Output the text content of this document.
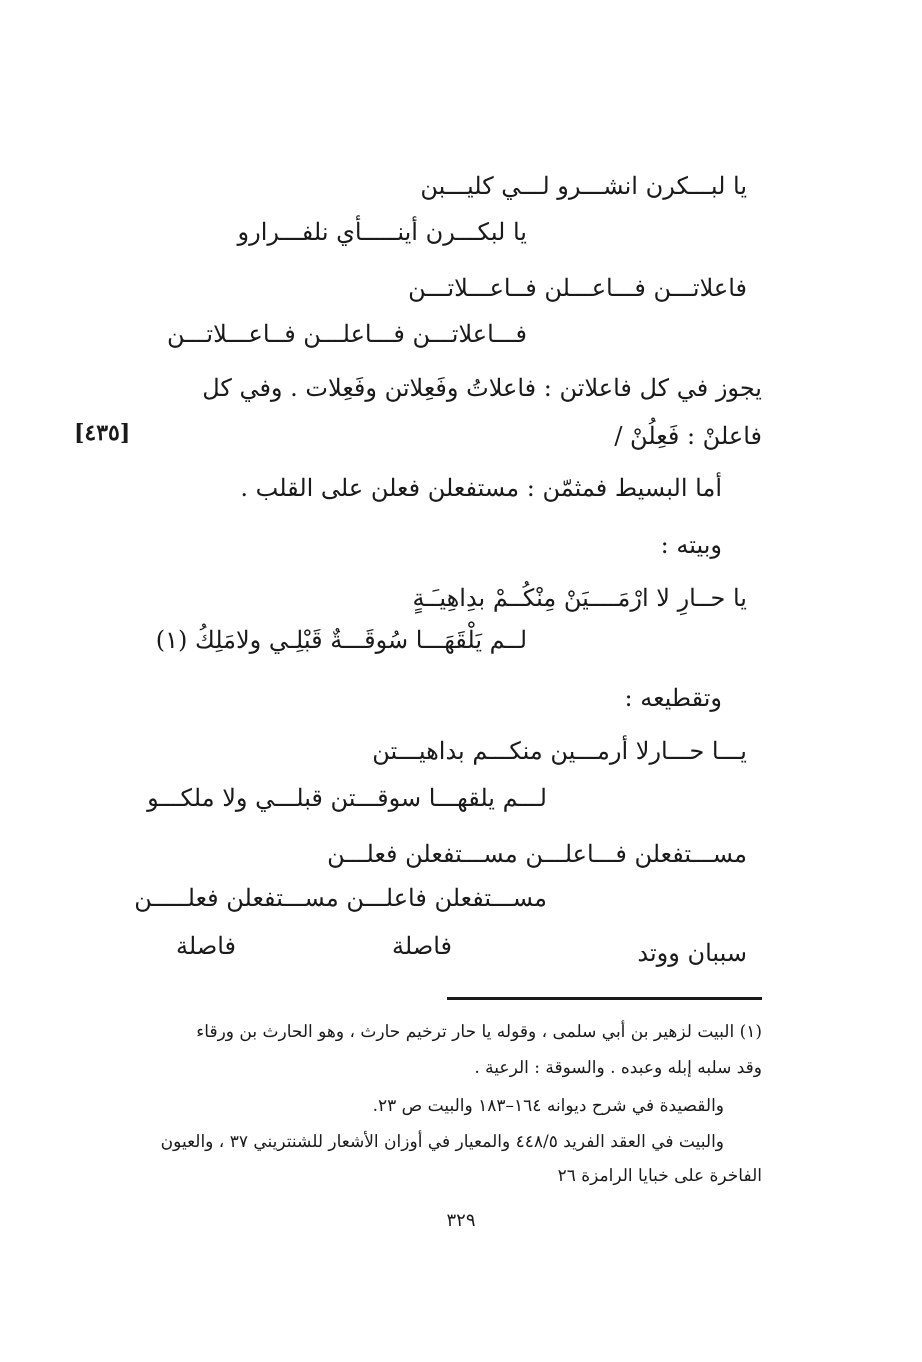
يا لبـــكرن انشـــرو لـــي كليـــبن
يا لبكـــرن أينـــــأي نلفـــرارو
فاعلاتـــن فـــاعـــلن فــاعـــلاتـــن
فـــاعلاتـــن فـــاعلـــن فــاعـــلاتـــن
يجوز في كل فاعلاتن : فاعلاتُ وفَعِلاتن وفَعِلات . وفي كل
فاعلنْ : فَعِلُنْ /
[٤٣٥]
أما البسيط فمثمّن : مستفعلن فعلن على القلب .
وبيته :
يا حــارِ لا ارْمَــــيَنْ مِنْكُــمْ بدِاهِيـَـةٍ
لــم يَلْقَهَـــا سُوقَـــةٌ قَبْلِـي ولامَلِكُ (١)
وتقطيعه :
يـــا حـــارلا أرمـــين منكـــم بداهيـــتن
لـــم يلقهـــا سوقـــتن قبلـــي ولا ملكـــو
مســـتفعلن فـــاعلـــن مســـتفعلن فعلـــن
مســـتفعلن فاعلـــن مســـتفعلن فعلـــــن
سببان ووتد
فاصلة
فاصلة
(١) البيت لزهير بن أبي سلمى ، وقوله يا حار ترخيم حارث ، وهو الحارث بن ورقاء
وقد سلبه إبله وعبده . والسوقة : الرعية .
والقصيدة في شرح ديوانه ١٦٤–١٨٣ والبيت ص ٢٣.
والبيت في العقد الفريد ٤٤٨/٥ والمعيار في أوزان الأشعار للشنتريني ٣٧ ، والعيون
الفاخرة على خبايا الرامزة ٢٦
٣٢٩
